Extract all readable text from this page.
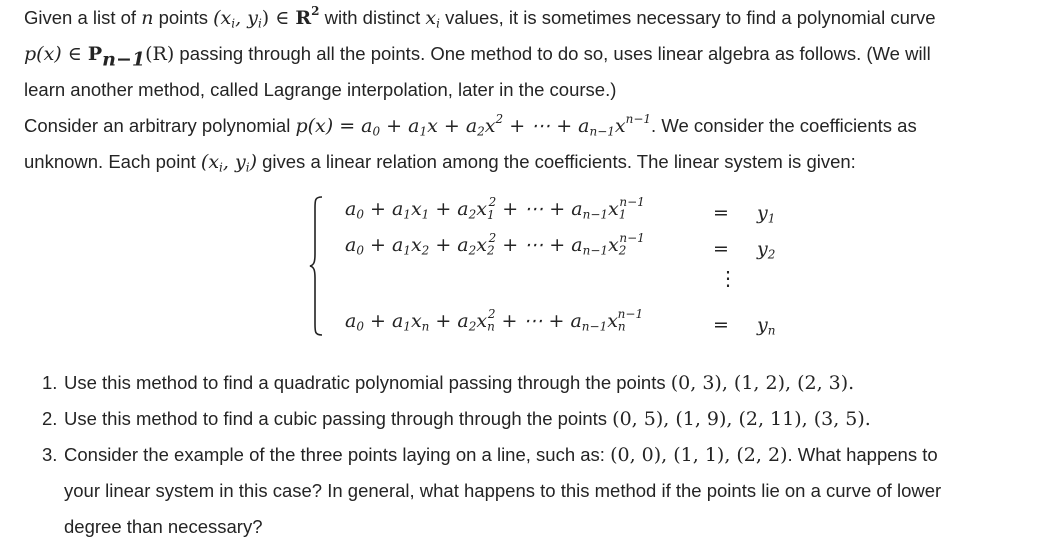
Given a list of n points ($x_i$, $y_i$) ∈ $R^2$ with distinct $x_i$ values, it is sometimes necessary to find a polynomial curve
p(x) ∈ $P_{n-1}(R)$ passing through all the points. One method to do so, uses linear algebra as follows. (We will
learn another method, called Lagrange interpolation, later in the course.)
Consider an arbitrary polynomial $p(x) = a_0 + a_1x + a_2x^2$ + ⋯ + $a_{n-1}x^{n-1}$. We consider the coefficients as
unknown. Each point ($x_i$, $y_i$) gives a linear relation among the coefficients. The linear system is given:
$a_0 + a_1x_1 + a_2x_1^2$ + ⋯ + $a_{n-1}x_1^{n-1}$	= $y_1$
$a_0 + a_1x_2 + a_2x_2^2$ + ⋯ + $a_{n-1}x_2^{n-1}$	= $y_2$
⋮
$a_0 + a_1x_n + a_2x_n^2$ + ⋯ + $a_{n-1}x_n^{n-1}$	= $y_n$
1. Use this method to find a quadratic polynomial passing through the points (0, 3), (1, 2), (2, 3).
2. Use this method to find a cubic passing through through the points (0, 5), (1, 9), (2, 11), (3, 5).
3. Consider the example of the three points laying on a line, such as: (0, 0), (1, 1), (2, 2). What happens to
your linear system in this case? In general, what happens to this method if the points lie on a curve of lower
degree than necessary?
